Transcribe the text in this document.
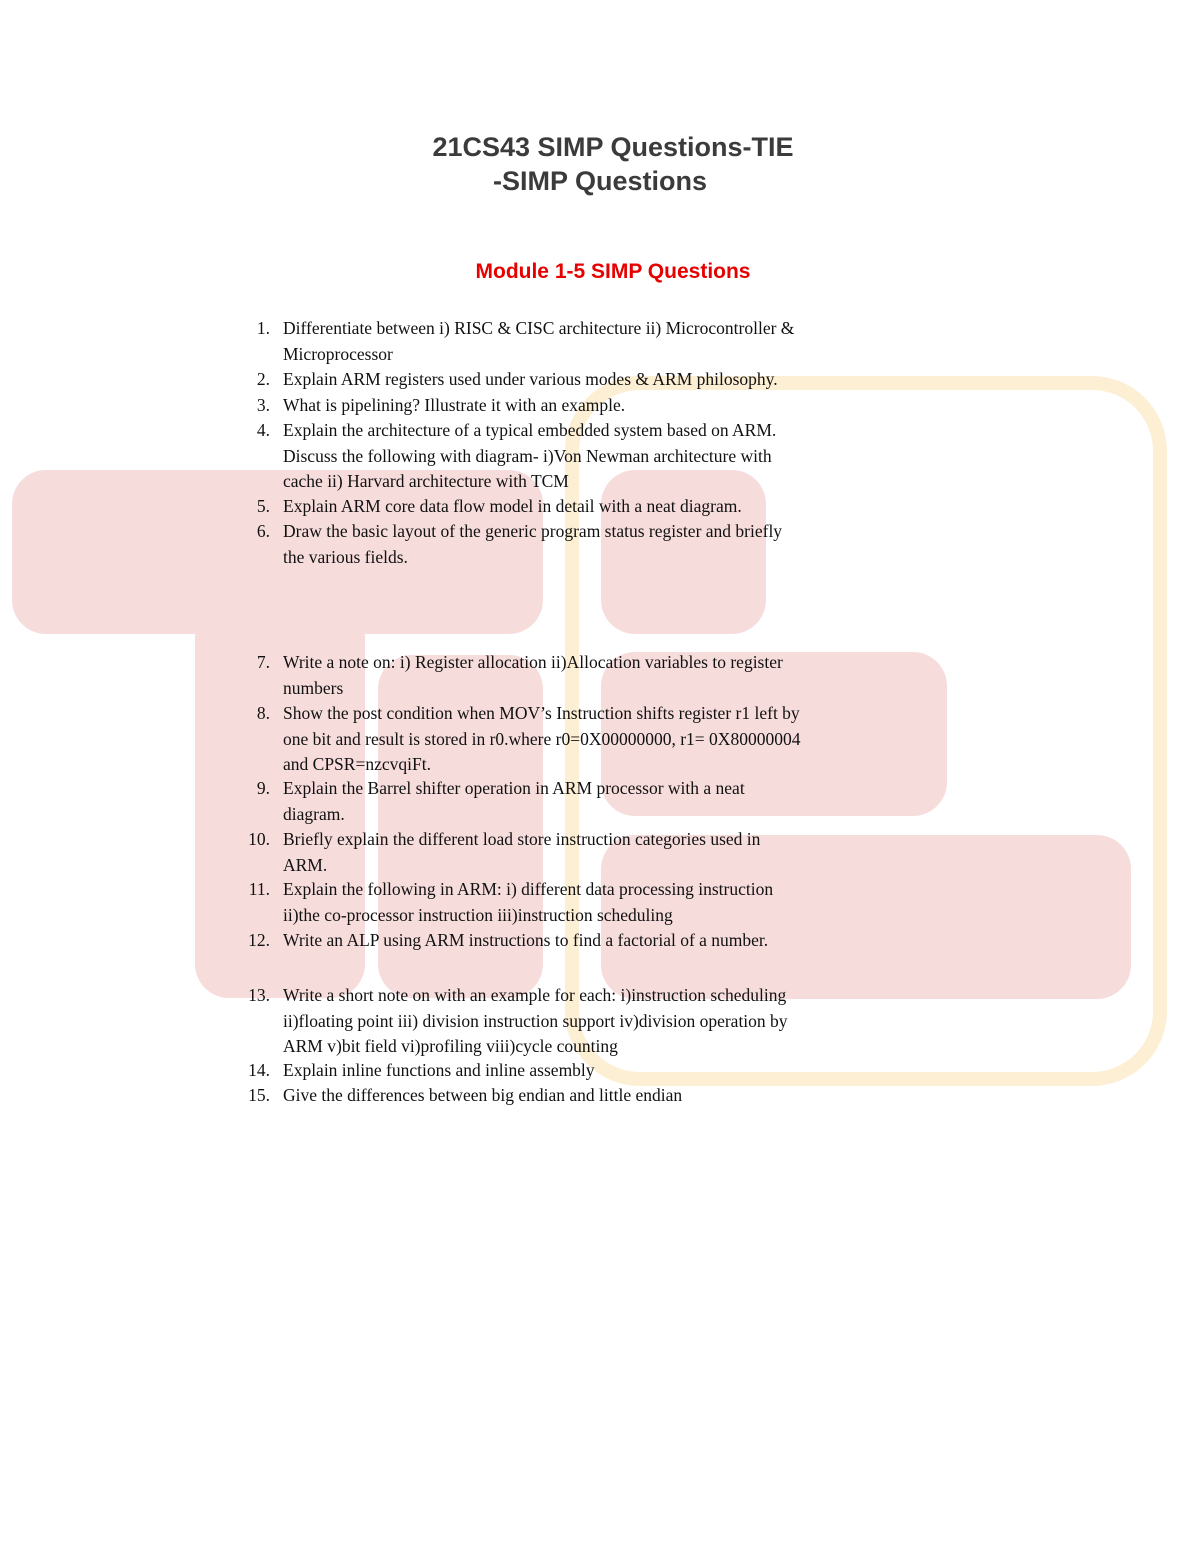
21CS43 SIMP Questions-TIE
-SIMP Questions
Module 1-5 SIMP Questions
1. Differentiate between i) RISC & CISC architecture ii) Microcontroller &
Microprocessor
2. Explain ARM registers used under various modes & ARM philosophy.
3. What is pipelining? Illustrate it with an example.
4. Explain the architecture of a typical embedded system based on ARM.
Discuss the following with diagram- i)Von Newman architecture with
cache ii) Harvard architecture with TCM
5. Explain ARM core data flow model in detail with a neat diagram.
6. Draw the basic layout of the generic program status register and briefly
the various fields.
7. Write a note on: i) Register allocation ii)Allocation variables to register
numbers
8. Show the post condition when MOV’s Instruction shifts register r1 left by
one bit and result is stored in r0.where r0=0X00000000, r1= 0X80000004
and CPSR=nzcvqiFt.
9. Explain the Barrel shifter operation in ARM processor with a neat
diagram.
10. Briefly explain the different load store instruction categories used in
ARM.
11. Explain the following in ARM: i) different data processing instruction
ii)the co-processor instruction iii)instruction scheduling
12. Write an ALP using ARM instructions to find a factorial of a number.
13. Write a short note on with an example for each: i)instruction scheduling
ii)floating point iii) division instruction support iv)division operation by
ARM v)bit field vi)profiling viii)cycle counting
14. Explain inline functions and inline assembly
15. Give the differences between big endian and little endian
